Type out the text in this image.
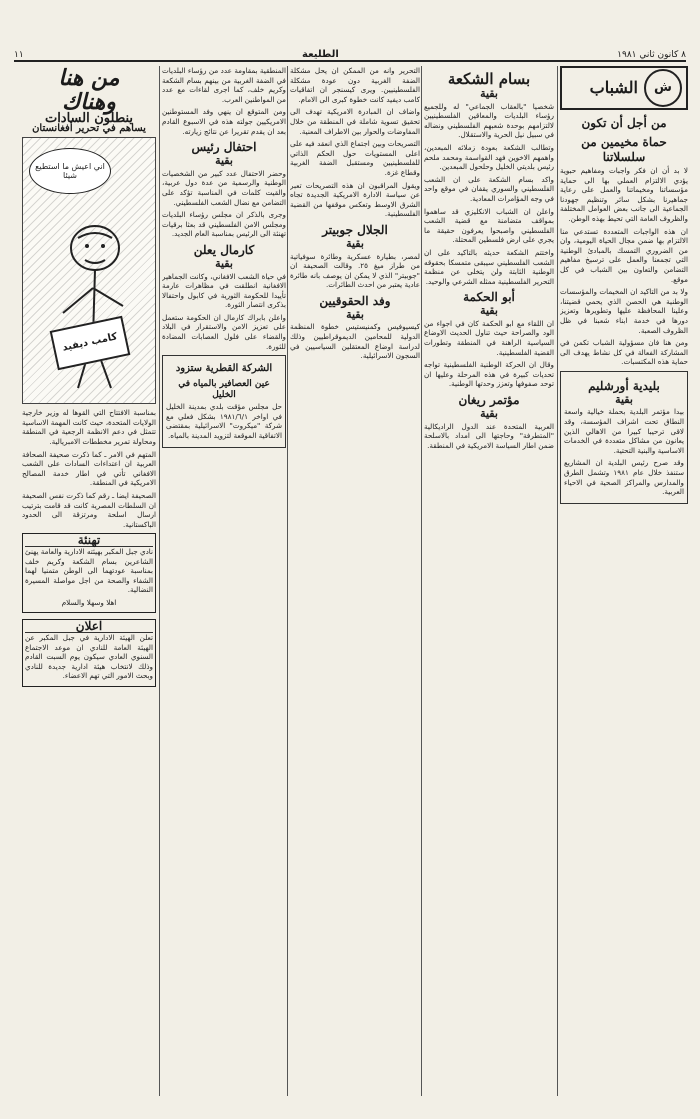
٨ كانون ثاني ١٩٨١
الطليعة
١١
ش
الشباب
من أجل أن تكون
حماة مخيمين من سلسلاتنا

لا بد أن ان فكر واجبات ومفاهيم حبوية يؤدي الالتزام العملي بها الى حماية مؤسساتنا ومخيماتنا والعمل على رعاية جماهيرنا بشكل سائر وتنظيم جهودنا الجماعية الى جانب بعض العوامل المختلفة والظروف العامة التي تحيط بهذه الوطن.

ان هذه الواجبات المتعددة تستدعي منا الالتزام بها ضمن مجال الحياة اليومية، وان من الضروري التمسك بالمبادئ الوطنية التي تجمعنا والعمل على ترسيخ مفاهيم التضامن والتعاون بين الشباب في كل موقع.

ولا بد من التاكيد ان المخيمات والمؤسسات الوطنية هي الحصن الذي يحمي قضيتنا، وعلينا المحافظة عليها وتطويرها وتعزيز دورها في خدمة ابناء شعبنا في ظل الظروف الصعبة.

ومن هنا فان مسؤولية الشباب تكمن في المشاركة الفعالة في كل نشاط يهدف الى حماية هذه المكتسبات.

بليدية أورشليم
بقية

بيدا مؤتمر البلدية بحملة خيالية واسعة النطاق تحت اشراف المؤسسة، وقد لاقى ترحيبا كبيرا من الاهالي الذين يعانون من مشاكل متعددة في الخدمات الاساسية والبنية التحتية.

وقد صرح رئيس البلدية ان المشاريع ستنفذ خلال عام ١٩٨١ وتشمل الطرق والمدارس والمراكز الصحية في الاحياء العربية.

بسام الشكعة
بقية

شخصيا "بالعقاب الجماعي" له وللجميع رؤساء البلديات والمعاقين الفلسطينيين لالتزامهم بوحدة شعبهم الفلسطيني ونضاله في سبيل نيل الحرية والاستقلال.

وتطالب الشكعة بعودة زملائه المبعدين، واهمهم الاخوين فهد القواسمة ومحمد ملحم رئيس بلديتي الخليل وحلحول المبعدين.

واكد بسام الشكعة على ان الشعب الفلسطيني والسوري يقفان في موقع واحد في وجه المؤامرات المعادية.

واعلن ان الشباب الانكليزي قد ساهموا بمواقف متضامنة مع قضية الشعب الفلسطيني واصبحوا يعرفون حقيقة ما يجري على ارض فلسطين المحتلة.

واختتم الشكعة حديثه بالتاكيد على ان الشعب الفلسطيني سيبقى متمسكا بحقوقه الوطنية الثابتة ولن يتخلى عن منظمة التحرير الفلسطينية ممثله الشرعي والوحيد.

أبو الحكمة
بقية

ان اللقاء مع ابو الحكمة كان في اجواء من الود والصراحة حيث تناول الحديث الاوضاع السياسية الراهنة في المنطقة وتطورات القضية الفلسطينية.

وقال ان الحركة الوطنية الفلسطينية تواجه تحديات كبيرة في هذه المرحلة وعليها ان توحد صفوفها وتعزز وحدتها الوطنية.

مؤتمر ريغان
بقية

العربية المتحدة عند الدول الراديكالية "المتطرفة" وحاجتها الى امداد بالاسلحة ضمن اطار السياسة الامريكية في المنطقة.

التحرير وانه من الممكن ان يحل مشكلة الضفة الغربية دون عودة مشكلة الفلسطينيين. ويرى كيسنجر ان اتفاقيات كامب ديفيد كانت خطوة كبرى الى الامام.

واضاف ان المبادرة الامريكية تهدف الى تحقيق تسوية شاملة في المنطقة من خلال المفاوضات والحوار بين الاطراف المعنية.

التصريحات وبين اجتماع الذي انعقد فيه على اعلى المستويات حول الحكم الذاتي للفلسطينيين ومستقبل الضفة الغربية وقطاع غزة.

ويقول المراقبون ان هذه التصريحات تعبر عن سياسة الادارة الامريكية الجديدة تجاه الشرق الاوسط وتعكس موقفها من القضية الفلسطينية.

الجلال جوبيتر
بقية

لمصر، بطيارة عسكرية وطائرة سوفياتية من طراز ميغ ٢٥. وقالت الصحيفة ان "جوبيتر" الذي لا يمكن ان يوصف بانه طائرة عادية يعتبر من احدث الطائرات.

وفد الحقوقيين
بقية

كيسيوفيس وكمنيستيس خطوة المنظمة الدولية للمحامين الديموقراطيين وذلك لدراسة اوضاع المعتقلين السياسيين في السجون الاسرائيلية.

المنطقية بمقاومة عدد من رؤساء البلديات في الضفة الغربية من بينهم بسام الشكعة وكريم خلف، كما اجرى لقاءات مع عدد من المواطنين العرب.

ومن المتوقع ان ينهي وفد المستوطنين الامريكيين جولته هذه في الاسبوع القادم بعد ان يقدم تقريرا عن نتائج زيارته.

احتفال رئيس
بقية

وحضر الاحتفال عدد كبير من الشخصيات الوطنية والرسمية من عدة دول عربية، والقيت كلمات في المناسبة تؤكد على التضامن مع نضال الشعب الفلسطيني.

وجرى بالذكر ان مجلس رؤساء البلديات ومجلس الامن الفلسطيني قد بعثا برقيات تهنئة الى الرئيس بمناسبة العام الجديد.

كارمال يعلن
بقية

في حياة الشعب الافغاني، وكانت الجماهير الافغانية انطلقت في مظاهرات عارمة تأييدا للحكومة الثورية في كابول واحتفالا بذكرى انتصار الثورة.

واعلن بابراك كارمال ان الحكومة ستعمل على تعزيز الامن والاستقرار في البلاد والقضاء على فلول العصابات المضادة للثورة.

الشركة القطرية ستزود
عين العصافير بالمياه في الخليل

حل مجلس مؤقت بلدي بمدينة الخليل في اواخر ١٩٨١/٦/١ بشكل فعلي مع شركة "ميكروت" الاسرائيلية بمقتضى الاتفاقية الموقعة لتزويد المدينة بالمياه.

من هنا
وهناك
ينطلون السادات
يساهم في تحرير أفغانستان
اني اعيش ما استطيع شيئا
كامب ديفيد

بمناسبة الافتتاح التي القوها له وزير خارجية الولايات المتحدة، حيث كانت المهمة الاساسية تتمثل في دعم الانظمة الرجعية في المنطقة ومحاولة تمرير مخططات الامبريالية.

المتهم في الامر ـ كما ذكرت صحيفة الصحافة العربية ان اعتداءات السادات على الشعب الافغاني تأتي في اطار خدمة المصالح الامريكية في المنطقة.

الصحيفة ايضا ـ رقم كما ذكرت نفس الصحيفة ان السلطات المصرية كانت قد قامت بترتيب ارسال اسلحة ومرتزقة الى الحدود الباكستانية.

تهنئة

نادي جبل المكبر بهيئته الادارية والعامة يهنئ الشاعرين بسام الشكعة وكريم خلف بمناسبة عودتهما الى الوطن متمنيا لهما الشفاء والصحة من اجل مواصلة المسيرة النضالية.

اهلا وسهلا والسلام

اعلان

تعلن الهيئة الادارية في جبل المكبر عن الهيئة العامة للنادي ان موعد الاجتماع السنوي العادي سيكون يوم السبت القادم وذلك لانتخاب هيئة ادارية جديدة للنادي وبحث الامور التي تهم الاعضاء.
